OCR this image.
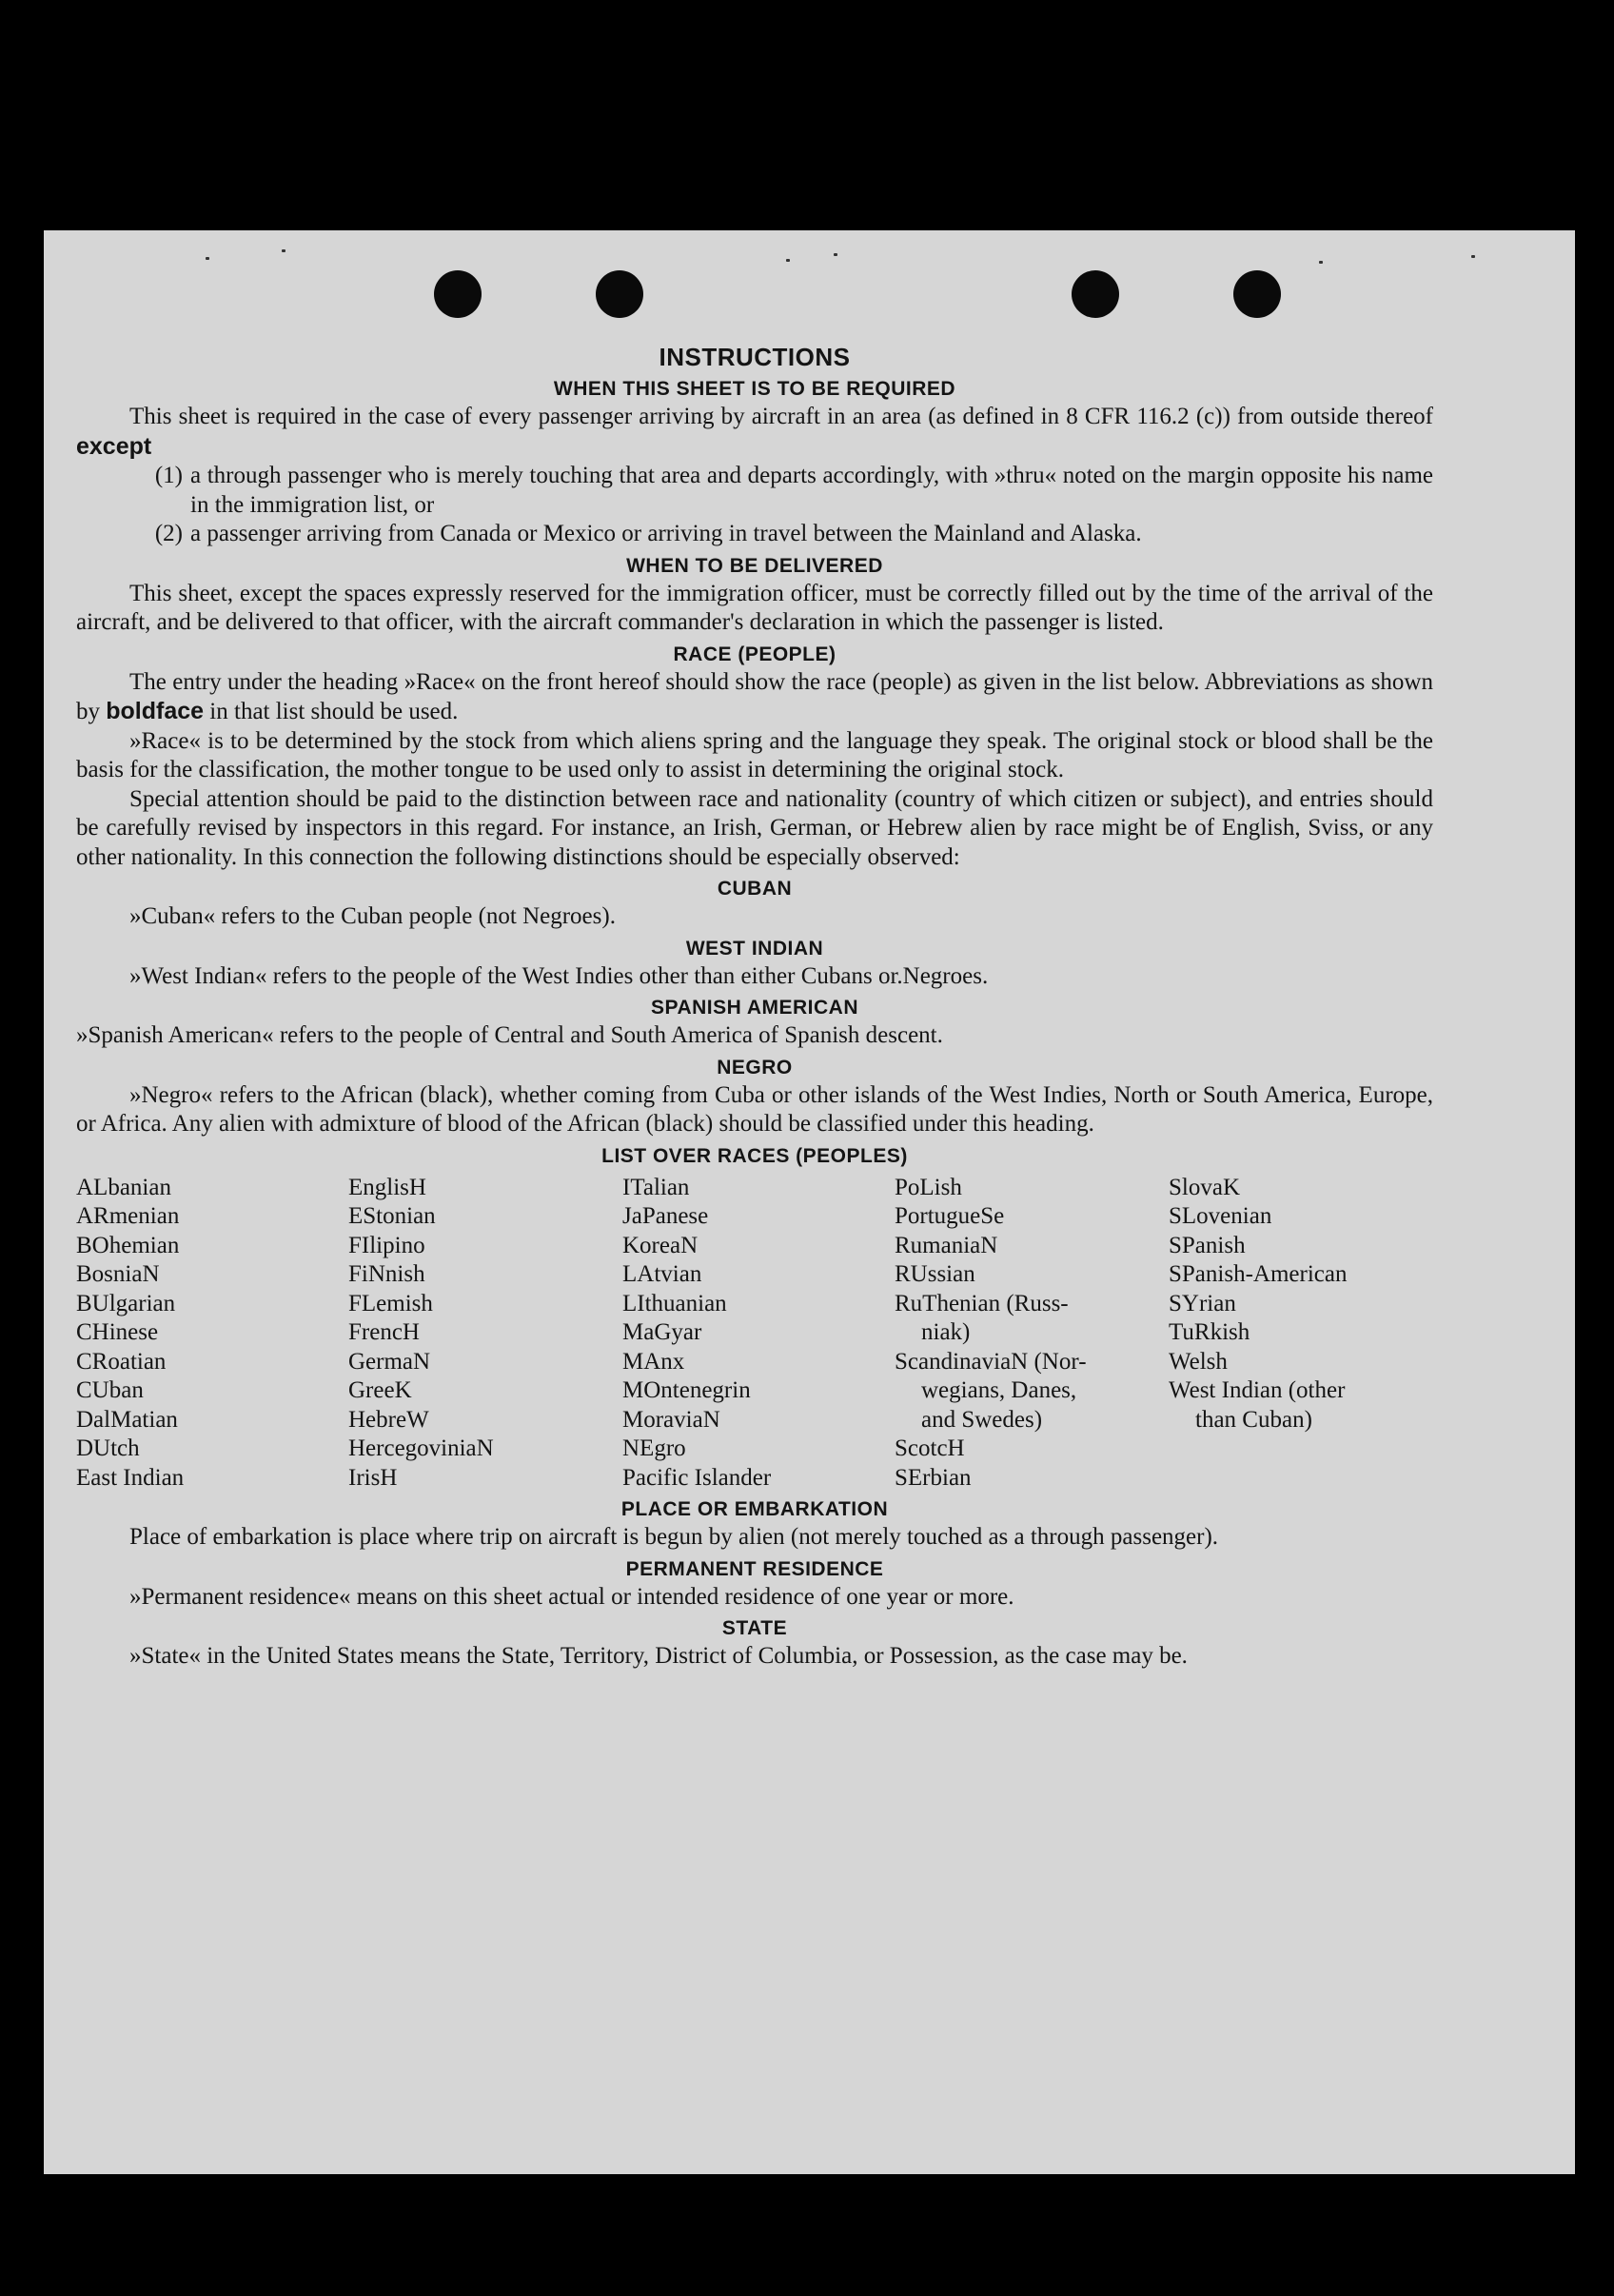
INSTRUCTIONS
WHEN THIS SHEET IS TO BE REQUIRED

This sheet is required in the case of every passenger arriving by aircraft in an area (as defined in 8 CFR 116.2 (c)) from outside thereof except

(1) a through passenger who is merely touching that area and departs accordingly, with »thru« noted on the margin opposite his name in the immigration list, or
(2) a passenger arriving from Canada or Mexico or arriving in travel between the Mainland and Alaska.
WHEN TO BE DELIVERED

This sheet, except the spaces expressly reserved for the immigration officer, must be correctly filled out by the time of the arrival of the aircraft, and be delivered to that officer, with the aircraft commander's declaration in which the passenger is listed.

RACE (PEOPLE)

The entry under the heading »Race« on the front hereof should show the race (people) as given in the list below. Abbreviations as shown by boldface in that list should be used.

»Race« is to be determined by the stock from which aliens spring and the language they speak. The original stock or blood shall be the basis for the classification, the mother tongue to be used only to assist in determining the original stock.

Special attention should be paid to the distinction between race and nationality (country of which citizen or subject), and entries should be carefully revised by inspectors in this regard. For instance, an Irish, German, or Hebrew alien by race might be of English, Sviss, or any other nationality. In this connection the following distinctions should be especially observed:

CUBAN

»Cuban« refers to the Cuban people (not Negroes).

WEST INDIAN

»West Indian« refers to the people of the West Indies other than either Cubans or.Negroes.

SPANISH AMERICAN

»Spanish American« refers to the people of Central and South America of Spanish descent.

NEGRO

»Negro« refers to the African (black), whether coming from Cuba or other islands of the West Indies, North or South America, Europe, or Africa. Any alien with admixture of blood of the African (black) should be classified under this heading.

LIST OVER RACES (PEOPLES)
ALbanian
ARmenian
BOhemian
BosniaN
BUlgarian
CHinese
CRoatian
CUban
DalMatian
DUtch
East Indian
EnglisH
EStonian
FIlipino
FiNnish
FLemish
FrencH
GermaN
GreeK
HebreW
HercegoviniaN
IrisH
ITalian
JaPanese
KoreaN
LAtvian
LIthuanian
MaGyar
MAnx
MOntenegrin
MoraviaN
NEgro
Pacific Islander
PoLish
PortugueSe
RumaniaN
RUssian
RuThenian (Russ-
niak)
ScandinaviaN (Nor-
wegians, Danes,
and Swedes)
ScotcH
SErbian
SlovaK
SLovenian
SPanish
SPanish-American
SYrian
TuRkish
Welsh
West Indian (other
than Cuban)
PLACE OR EMBARKATION

Place of embarkation is place where trip on aircraft is begun by alien (not merely touched as a through passenger).

PERMANENT RESIDENCE

»Permanent residence« means on this sheet actual or intended residence of one year or more.

STATE

»State« in the United States means the State, Territory, District of Columbia, or Possession, as the case may be.
